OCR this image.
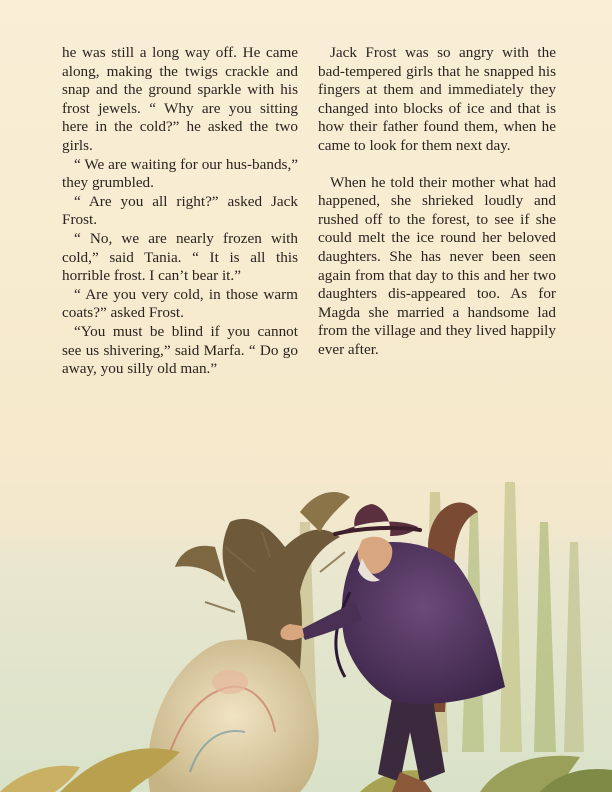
he was still a long way off. He came along, making the twigs crackle and snap and the ground sparkle with his frost jewels. “ Why are you sitting here in the cold?” he asked the two girls.

“ We are waiting for our hus-bands,” they grumbled.

“ Are you all right?” asked Jack Frost.

“ No, we are nearly frozen with cold,” said Tania. “ It is all this horrible frost. I can’t bear it.”

“ Are you very cold, in those warm coats?” asked Frost.

“You must be blind if you cannot see us shivering,” said Marfa. “ Do go away, you silly old man.”

Jack Frost was so angry with the bad-tempered girls that he snapped his fingers at them and immediately they changed into blocks of ice and that is how their father found them, when he came to look for them next day.

When he told their mother what had happened, she shrieked loudly and rushed off to the forest, to see if she could melt the ice round her beloved daughters. She has never been seen again from that day to this and her two daughters dis-appeared too. As for Magda she married a handsome lad from the village and they lived happily ever after.
